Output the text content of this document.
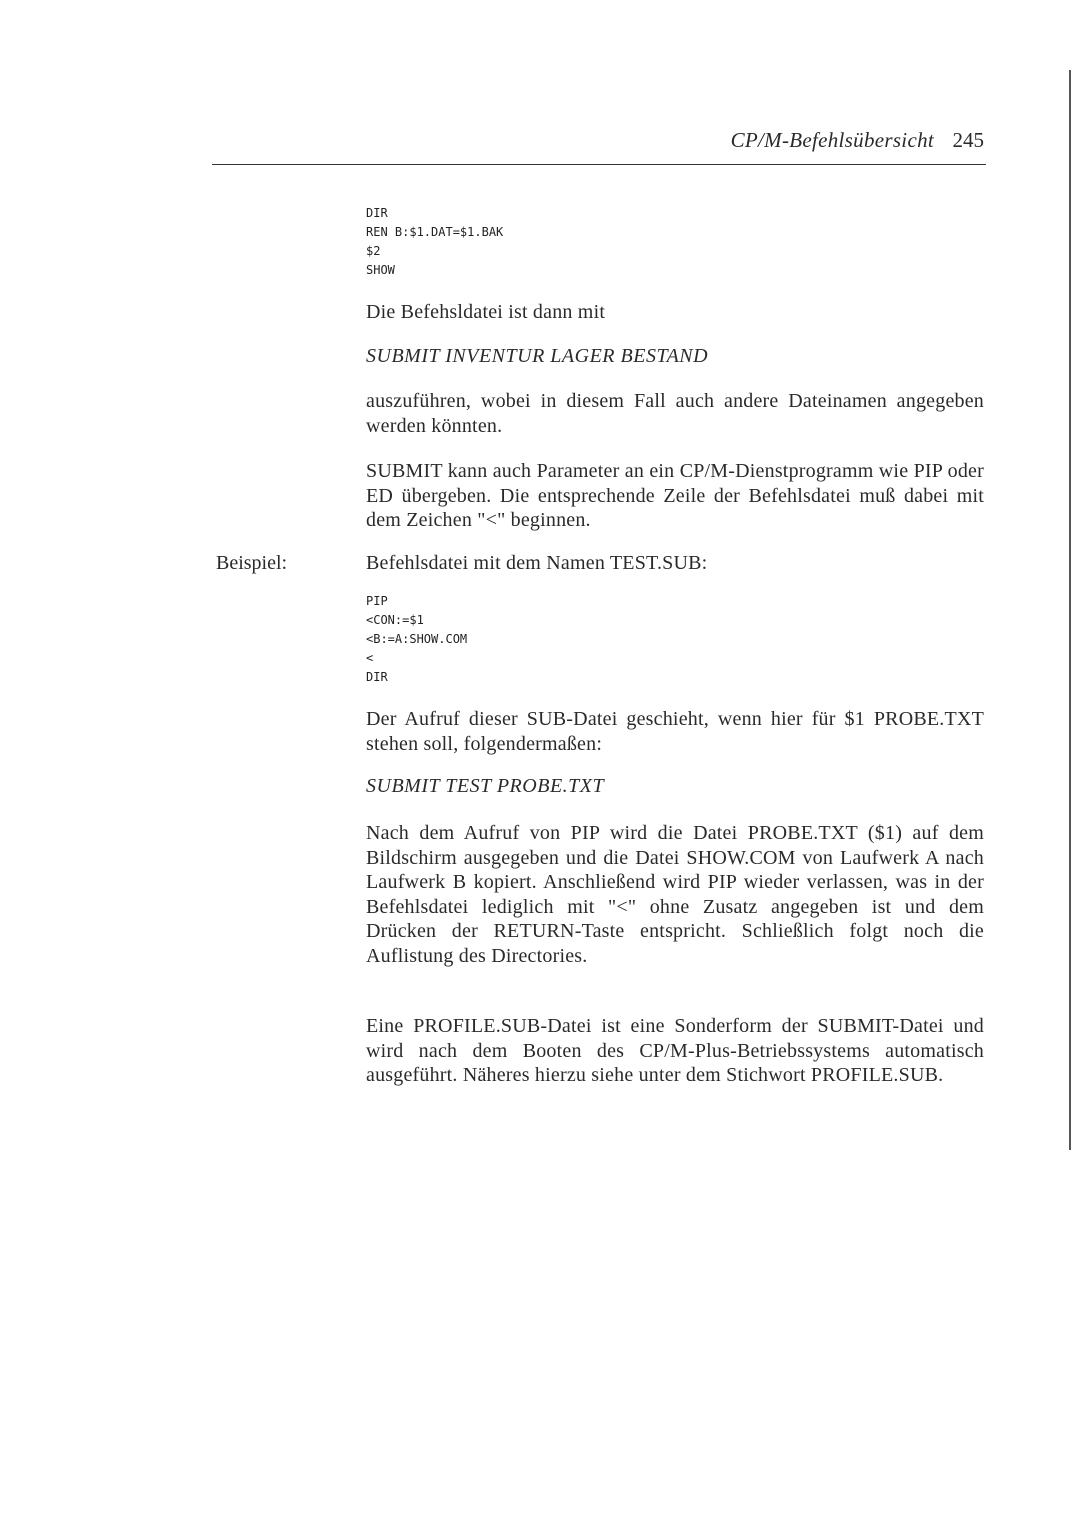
CP/M-Befehlsübersicht 245
DIR
REN B:$1.DAT=$1.BAK
$2
SHOW

Die Befehsldatei ist dann mit

SUBMIT INVENTUR LAGER BESTAND

auszuführen, wobei in diesem Fall auch andere Dateinamen angegeben werden könnten.

SUBMIT kann auch Parameter an ein CP/M-Dienstprogramm wie PIP oder ED übergeben. Die entsprechende Zeile der Befehlsdatei muß dabei mit dem Zeichen "<" beginnen.

Beispiel:	Befehlsdatei mit dem Namen TEST.SUB:

PIP
<CON:=$1
<B:=A:SHOW.COM
<
DIR

Der Aufruf dieser SUB-Datei geschieht, wenn hier für $1 PROBE.TXT stehen soll, folgendermaßen:

SUBMIT TEST PROBE.TXT

Nach dem Aufruf von PIP wird die Datei PROBE.TXT ($1) auf dem Bildschirm ausgegeben und die Datei SHOW.COM von Laufwerk A nach Laufwerk B kopiert. Anschließend wird PIP wieder verlassen, was in der Befehlsdatei lediglich mit "<" ohne Zusatz angegeben ist und dem Drücken der RETURN-Taste entspricht. Schließlich folgt noch die Auflistung des Directories.

Eine PROFILE.SUB-Datei ist eine Sonderform der SUBMIT-Datei und wird nach dem Booten des CP/M-Plus-Betriebssystems automatisch ausgeführt. Näheres hierzu siehe unter dem Stichwort PROFILE.SUB.
